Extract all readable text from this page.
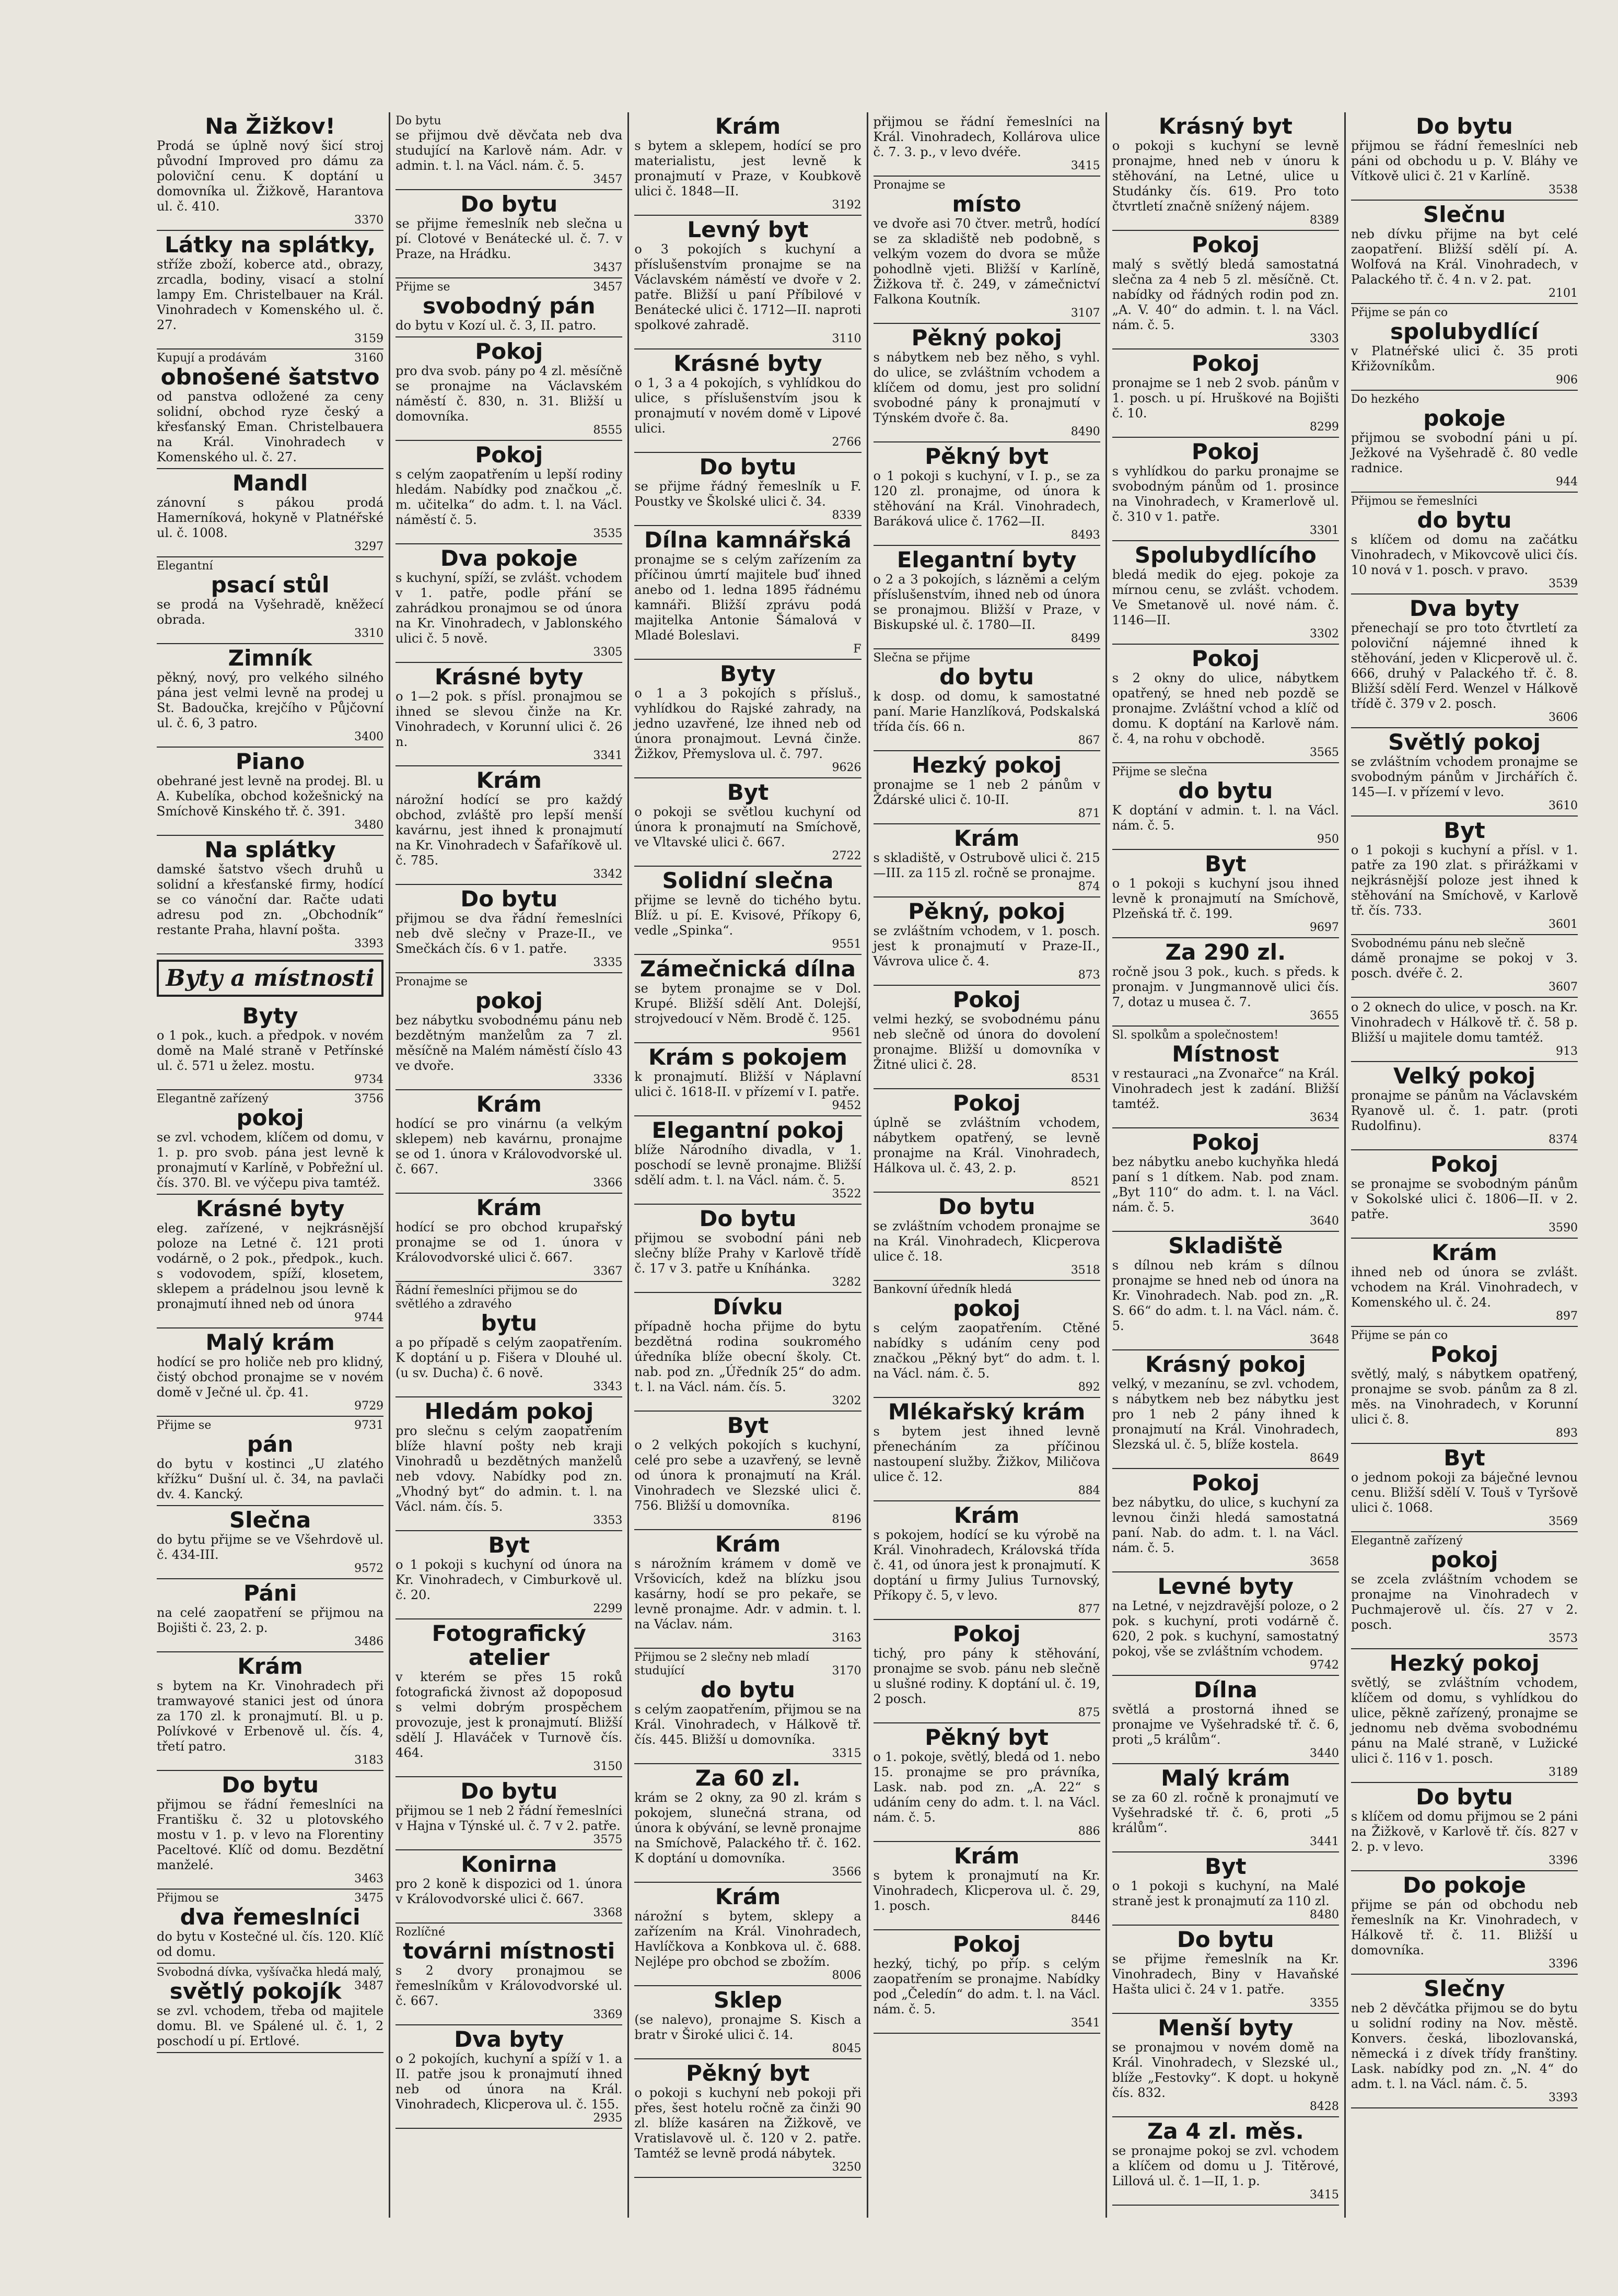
Na Žižkov!
Prodá se úplně nový šicí stroj původní Improved pro dámu za poloviční cenu. K doptání u domovníka ul. Žižkově, Harantova ul. č. 410.
3370
Látky na splátky,
stříže zboží, koberce atd., obrazy, zrcadla, bodiny, visací a stolní lampy Em. Christelbauer na Král. Vinohradech v Komenského ul. č. 27.
3159
Kupují a prodávám	3160
obnošené šatstvo
od panstva odložené za ceny solidní, obchod ryze český a křesťanský Eman. Christelbauera na Král. Vinohradech v Komenského ul. č. 27.
Mandl
zánovní s pákou prodá Hamerníková, hokyně v Platnéřské ul. č. 1008.
3297
Elegantní
psací stůl
se prodá na Vyšehradě, kněžecí obrada.
3310
Zimník
pěkný, nový, pro velkého silného pána jest velmi levně na prodej u St. Badoučka, krejčího v Půjčovní ul. č. 6, 3 patro.
3400
Piano
obehrané jest levně na prodej. Bl. u A. Kubelíka, obchod kožešnický na Smíchově Kinského tř. č. 391.
3480
Na splátky
damské šatstvo všech druhů u solidní a křesťanské firmy, hodící se co vánoční dar. Račte udati adresu pod zn. „Obchodník“ restante Praha, hlavní pošta.
3393
Byty a místnosti
Byty
o 1 pok., kuch. a předpok. v novém domě na Malé straně v Petřínské ul. č. 571 u želez. mostu.
9734
Elegantně zařízený	3756
pokoj
se zvl. vchodem, klíčem od domu, v 1. p. pro svob. pána jest levně k pronajmutí v Karlíně, v Pobřežní ul. čís. 370. Bl. ve výčepu piva tamtéž.
Krásné byty
eleg. zařízené, v nejkrásnější poloze na Letné č. 121 proti vodárně, o 2 pok., předpok., kuch. s vodovodem, spíží, klosetem, sklepem a prádelnou jsou levně k pronajmutí ihned neb od února
9744
Malý krám
hodící se pro holiče neb pro klidný, čistý obchod pronajme se v novém domě v Ječné ul. čp. 41.
9729
Přijme se	9731
pán
do bytu v kostinci „U zlatého křížku“ Dušní ul. č. 34, na pavlači dv. 4. Kancký.
Slečna
do bytu přijme se ve Všehrdově ul. č. 434-III.
9572
Páni
na celé zaopatření se přijmou na Bojišti č. 23, 2. p.
3486
Krám
s bytem na Kr. Vinohradech při tramwayové stanici jest od února za 170 zl. k pronajmutí. Bl. u p. Polívkové v Erbenově ul. čís. 4, třetí patro.
3183
Do bytu
přijmou se řádní řemeslníci na Františku č. 32 u plotovského mostu v 1. p. v levo na Florentiny Paceltové. Klíč od domu. Bezdětní manželé.
3463
Přijmou se	3475
dva řemeslníci
do bytu v Kostečné ul. čís. 120. Klíč od domu.
Svobodná dívka, vyšívačka hledá malý,
3487
světlý pokojík
se zvl. vchodem, třeba od majitele domu. Bl. ve Spálené ul. č. 1, 2 poschodí u pí. Ertlové.
Do bytu
se přijmou dvě děvčata neb dva studující na Karlově nám. Adr. v admin. t. l. na Václ. nám. č. 5.
3457
Do bytu
se přijme řemeslník neb slečna u pí. Clotové v Benátecké ul. č. 7. v Praze, na Hrádku.
3437
Přijme se	3457
svobodný pán
do bytu v Kozí ul. č. 3, II. patro.
Pokoj
pro dva svob. pány po 4 zl. měsíčně se pronajme na Václavském náměstí č. 830, n. 31. Bližší u domovníka.
8555
Pokoj
s celým zaopatřením u lepší rodiny hledám. Nabídky pod značkou „č. m. učitelka“ do adm. t. l. na Václ. náměstí č. 5.
3535
Dva pokoje
s kuchyní, spíží, se zvlášt. vchodem v 1. patře, podle přání se zahrádkou pronajmou se od února na Kr. Vinohradech, v Jablonského ulici č. 5 nově.
3305
Krásné byty
o 1—2 pok. s přísl. pronajmou se ihned se slevou činže na Kr. Vinohradech, v Korunní ulici č. 26 n.
3341
Krám
nárožní hodící se pro každý obchod, zvláště pro lepší menší kavárnu, jest ihned k pronajmutí na Kr. Vinohradech v Šafaříkově ul. č. 785.
3342
Do bytu
přijmou se dva řádní řemeslníci neb dvě slečny v Praze-II., ve Smečkách čís. 6 v 1. patře.
3335
Pronajme se
pokoj
bez nábytku svobodnému pánu neb bezdětným manželům za 7 zl. měsíčně na Malém náměstí číslo 43 ve dvoře.
3336
Krám
hodící se pro vinárnu (a velkým sklepem) neb kavárnu, pronajme se od 1. února v Královodvorské ul. č. 667.
3366
Krám
hodící se pro obchod krupařský pronajme se od 1. února v Královodvorské ulici č. 667.
3367
Řádní řemeslníci přijmou se do světlého a zdravého
bytu
a po případě s celým zaopatřením. K doptání u p. Fišera v Dlouhé ul. (u sv. Ducha) č. 6 nově.
3343
Hledám pokoj
pro slečnu s celým zaopatřením blíže hlavní pošty neb kraji Vinohradů u bezdětných manželů neb vdovy. Nabídky pod zn. „Vhodný byt“ do admin. t. l. na Václ. nám. čís. 5.
3353
Byt
o 1 pokoji s kuchyní od února na Kr. Vinohradech, v Cimburkově ul. č. 20.
2299
Fotografický atelier
v kterém se přes 15 roků fotografická živnost až dopoposud s velmi dobrým prospěchem provozuje, jest k pronajmutí. Bližší sdělí J. Hlaváček v Turnově čís. 464.
3150
Do bytu
přijmou se 1 neb 2 řádní řemeslníci v Hajna v Týnské ul. č. 7 v 2. patře.
3575
Konirna
pro 2 koně k dispozici od 1. února v Královodvorské ulici č. 667.
3368
Rozlíčné
továrni místnosti
s 2 dvory pronajmou se řemeslníkům v Královodvorské ul. č. 667.
3369
Dva byty
o 2 pokojích, kuchyní a spíží v 1. a II. patře jsou k pronajmutí ihned neb od února na Král. Vinohradech, Klicperova ul. č. 155.
2935
Krám
s bytem a sklepem, hodící se pro materialistu, jest levně k pronajmutí v Praze, v Koubkově ulici č. 1848—II.
3192
Levný byt
o 3 pokojích s kuchyní a příslušenstvím pronajme se na Václavském náměstí ve dvoře v 2. patře. Bližší u paní Příbilové v Benátecké ulici č. 1712—II. naproti spolkové zahradě.
3110
Krásné byty
o 1, 3 a 4 pokojích, s vyhlídkou do ulice, s příslušenstvím jsou k pronajmutí v novém domě v Lipové ulici.
2766
Do bytu
se přijme řádný řemeslník u F. Poustky ve Školské ulici č. 34.
8339
Dílna kamnářská
pronajme se s celým zařízením za příčinou úmrtí majitele buď ihned anebo od 1. ledna 1895 řádnému kamnáři. Bližší zprávu podá majitelka Antonie Šámalová v Mladé Boleslavi.
F
Byty
o 1 a 3 pokojích s přísluš., vyhlídkou do Rajské zahrady, na jedno uzavřené, lze ihned neb od února pronajmout. Levná činže. Žižkov, Přemyslova ul. č. 797.
9626
Byt
o pokoji se světlou kuchyní od února k pronajmutí na Smíchově, ve Vltavské ulici č. 667.
2722
Solidní slečna
přijme se levně do tichého bytu. Blíž. u pí. E. Kvisové, Příkopy 6, vedle „Spinka“.
9551
Zámečnická dílna
se bytem pronajme se v Dol. Krupé. Bližší sdělí Ant. Dolejší, strojvedoucí v Něm. Brodě č. 125.
9561
Krám s pokojem
k pronajmutí. Bližší v Náplavní ulici č. 1618-II. v přízemí v I. patře.
9452
Elegantní pokoj
blíže Národního divadla, v 1. poschodí se levně pronajme. Bližší sdělí adm. t. l. na Václ. nám. č. 5.
3522
Do bytu
přijmou se svobodní páni neb slečny blíže Prahy v Karlově třídě č. 17 v 3. patře u Kníhánka.
3282
Dívku
případně hocha přijme do bytu bezdětná rodina soukromého úředníka blíže obecní školy. Ct. nab. pod zn. „Úředník 25“ do adm. t. l. na Václ. nám. čís. 5.
3202
Byt
o 2 velkých pokojích s kuchyní, celé pro sebe a uzavřený, se levně od února k pronajmutí na Král. Vinohradech ve Slezské ulici č. 756. Bližší u domovníka.
8196
Krám
s nárožním krámem v domě ve Vršovicích, kdež na blízku jsou kasárny, hodí se pro pekaře, se levně pronajme. Adr. v admin. t. l. na Václav. nám.
3163
Přijmou se 2 slečny neb mladí studující	3170
do bytu
s celým zaopatřením, přijmou se na Král. Vinohradech, v Hálkově tř. čís. 445. Bližší u domovníka.
3315
Za 60 zl.
krám se 2 okny, za 90 zl. krám s pokojem, slunečná strana, od února k obývání, se levně pronajme na Smíchově, Palackého tř. č. 162. K doptání u domovníka.
3566
Krám
nárožní s bytem, sklepy a zařízením na Král. Vinohradech, Havlíčkova a Konbkova ul. č. 688. Nejlépe pro obchod se zbožím.
8006
Sklep
(se nalevo), pronajme S. Kisch a bratr v Široké ulici č. 14.
8045
Pěkný byt
o pokoji s kuchyní neb pokoji při přes, šest hotelu ročně za činži 90 zl. blíže kasáren na Žižkově, ve Vratislavově ul. č. 120 v 2. patře. Tamtéž se levně prodá nábytek.
3250
přijmou se řádní řemeslníci na Král. Vinohradech, Kollárova ulice č. 7. 3. p., v levo dvéře.
3415
Pronajme se
místo
ve dvoře asi 70 čtver. metrů, hodící se za skladiště neb podobně, s velkým vozem do dvora se může pohodlně vjeti. Bližší v Karlíně, Žižkova tř. č. 249, v zámečnictví Falkona Koutník.
3107
Pěkný pokoj
s nábytkem neb bez něho, s vyhl. do ulice, se zvláštním vchodem a klíčem od domu, jest pro solidní svobodné pány k pronajmutí v Týnském dvoře č. 8a.
8490
Pěkný byt
o 1 pokoji s kuchyní, v I. p., se za 120 zl. pronajme, od února k stěhování na Král. Vinohradech, Baráková ulice č. 1762—II.
8493
Elegantní byty
o 2 a 3 pokojích, s lázněmi a celým příslušenstvím, ihned neb od února se pronajmou. Bližší v Praze, v Biskupské ul. č. 1780—II.
8499
Slečna se přijme
do bytu
k dosp. od domu, k samostatné paní. Marie Hanzlíková, Podskalská třída čís. 66 n.
867
Hezký pokoj
pronajme se 1 neb 2 pánům v Ždárské ulici č. 10-II.
871
Krám
s skladiště, v Ostrubově ulici č. 215—III. za 115 zl. ročně se pronajme.
874
Pěkný, pokoj
se zvláštním vchodem, v 1. posch. jest k pronajmutí v Praze-II., Vávrova ulice č. 4.
873
Pokoj
velmi hezký, se svobodnému pánu neb slečně od února do dovolení pronajme. Bližší u domovníka v Žitné ulici č. 28.
8531
Pokoj
úplně se zvláštním vchodem, nábytkem opatřený, se levně pronajme na Král. Vinohradech, Hálkova ul. č. 43, 2. p.
8521
Do bytu
se zvláštním vchodem pronajme se na Král. Vinohradech, Klicperova ulice č. 18.
3518
Bankovní úředník hledá
pokoj
s celým zaopatřením. Ctěné nabídky s udáním ceny pod značkou „Pěkný byt“ do adm. t. l. na Václ. nám. č. 5.
892
Mlékařský krám
s bytem jest ihned levně přenecháním za příčinou nastoupení služby. Žižkov, Miličova ulice č. 12.
884
Krám
s pokojem, hodící se ku výrobě na Král. Vinohradech, Královská třída č. 41, od února jest k pronajmutí. K doptání u firmy Julius Turnovský, Příkopy č. 5, v levo.
877
Pokoj
tichý, pro pány k stěhování, pronajme se svob. pánu neb slečně u slušné rodiny. K doptání ul. č. 19, 2 posch.
875
Pěkný byt
o 1. pokoje, světlý, bledá od 1. nebo 15. pronajme se pro právníka, Lask. nab. pod zn. „A. 22“ s udáním ceny do adm. t. l. na Václ. nám. č. 5.
886
Krám
s bytem k pronajmutí na Kr. Vinohradech, Klicperova ul. č. 29, 1. posch.
8446
Pokoj
hezký, tichý, po příp. s celým zaopatřením se pronajme. Nabídky pod „Čeledín“ do adm. t. l. na Václ. nám. č. 5.
3541
Krásný byt
o pokoji s kuchyní se levně pronajme, hned neb v únoru k stěhování, na Letné, ulice u Studánky čís. 619. Pro toto čtvrtletí značně snížený nájem.
8389
Pokoj
malý s světlý bledá samostatná slečna za 4 neb 5 zl. měsíčně. Ct. nabídky od řádných rodin pod zn. „A. V. 40“ do admin. t. l. na Václ. nám. č. 5.
3303
Pokoj
pronajme se 1 neb 2 svob. pánům v 1. posch. u pí. Hruškové na Bojišti č. 10.
8299
Pokoj
s vyhlídkou do parku pronajme se svobodným pánům od 1. prosince na Vinohradech, v Kramerlově ul. č. 310 v 1. patře.
3301
Spolubydlícího
bledá medik do ejeg. pokoje za mírnou cenu, se zvlášt. vchodem. Ve Smetanově ul. nové nám. č. 1146—II.
3302
Pokoj
s 2 okny do ulice, nábytkem opatřený, se hned neb pozdě se pronajme. Zvláštní vchod a klíč od domu. K doptání na Karlově nám. č. 4, na rohu v obchodě.
3565
Přijme se slečna
do bytu
K doptání v admin. t. l. na Václ. nám. č. 5.
950
Byt
o 1 pokoji s kuchyní jsou ihned levně k pronajmutí na Smíchově, Plzeňská tř. č. 199.
9697
Za 290 zl.
ročně jsou 3 pok., kuch. s předs. k pronajm. v Jungmannově ulici čís. 7, dotaz u musea č. 7.
3655
Sl. spolkům a společnostem!
Místnost
v restauraci „na Zvonařce“ na Král. Vinohradech jest k zadání. Bližší tamtéž.
3634
Pokoj
bez nábytku anebo kuchyňka hledá paní s 1 dítkem. Nab. pod znam. „Byt 110“ do adm. t. l. na Václ. nám. č. 5.
3640
Skladiště
s dílnou neb krám s dílnou pronajme se hned neb od února na Kr. Vinohradech. Nab. pod zn. „R. S. 66“ do adm. t. l. na Václ. nám. č. 5.
3648
Krásný pokoj
velký, v mezanínu, se zvl. vchodem, s nábytkem neb bez nábytku jest pro 1 neb 2 pány ihned k pronajmutí na Král. Vinohradech, Slezská ul. č. 5, blíže kostela.
8649
Pokoj
bez nábytku, do ulice, s kuchyní za levnou činži hledá samostatná paní. Nab. do adm. t. l. na Václ. nám. č. 5.
3658
Levné byty
na Letné, v nejzdravější poloze, o 2 pok. s kuchyní, proti vodárně č. 620, 2 pok. s kuchyní, samostatný pokoj, vše se zvláštním vchodem.
9742
Dílna
světlá a prostorná ihned se pronajme ve Vyšehradské tř. č. 6, proti „5 králům“.
3440
Malý krám
se za 60 zl. ročně k pronajmutí ve Vyšehradské tř. č. 6, proti „5 králům“.
3441
Byt
o 1 pokoji s kuchyní, na Malé straně jest k pronajmutí za 110 zl.
8480
Do bytu
se přijme řemeslník na Kr. Vinohradech, Biny v Havaňské Hašta ulici č. 24 v 1. patře.
3355
Menší byty
se pronajmou v novém domě na Král. Vinohradech, v Slezské ul., blíže „Festovky“. K dopt. u hokyně čís. 832.
8428
Za 4 zl. měs.
se pronajme pokoj se zvl. vchodem a klíčem od domu u J. Titěrové, Lillová ul. č. 1—II, 1. p.
3415
Do bytu
přijmou se řádní řemeslníci neb páni od obchodu u p. V. Bláhy ve Vítkově ulici č. 21 v Karlíně.
3538
Slečnu
neb dívku přijme na byt celé zaopatření. Bližší sdělí pí. A. Wolfová na Král. Vinohradech, v Palackého tř. č. 4 n. v 2. pat.
2101
Přijme se pán co
spolubydlící
v Platnéřské ulici č. 35 proti Křižovníkům.
906
Do hezkého
pokoje
přijmou se svobodní páni u pí. Ježkové na Vyšehradě č. 80 vedle radnice.
944
Přijmou se řemeslníci
do bytu
s klíčem od domu na začátku Vinohradech, v Mikovcově ulici čís. 10 nová v 1. posch. v pravo.
3539
Dva byty
přenechají se pro toto čtvrtletí za poloviční nájemné ihned k stěhování, jeden v Klicperově ul. č. 666, druhý v Palackého tř. č. 8. Bližší sdělí Ferd. Wenzel v Hálkově třídě č. 379 v 2. posch.
3606
Světlý pokoj
se zvláštním vchodem pronajme se svobodným pánům v Jirchářích č. 145—I. v přízemí v levo.
3610
Byt
o 1 pokoji s kuchyní a přísl. v 1. patře za 190 zlat. s přirážkami v nejkrásnější poloze jest ihned k stěhování na Smíchově, v Karlově tř. čís. 733.
3601
Svobodnému pánu neb slečně
dámě pronajme se pokoj v 3. posch. dvéře č. 2.
3607
o 2 oknech do ulice, v posch. na Kr. Vinohradech v Hálkově tř. č. 58 p. Bližší u majitele domu tamtéž.
913
Velký pokoj
pronajme se pánům na Václavském Ryanově ul. č. 1. patr. (proti Rudolfinu).
8374
Pokoj
se pronajme se svobodným pánům v Sokolské ulici č. 1806—II. v 2. patře.
3590
Krám
ihned neb od února se zvlášt. vchodem na Král. Vinohradech, v Komenského ul. č. 24.
897
Přijme se pán co
Pokoj
světlý, malý, s nábytkem opatřený, pronajme se svob. pánům za 8 zl. měs. na Vinohradech, v Korunní ulici č. 8.
893
Byt
o jednom pokoji za báječné levnou cenu. Bližší sdělí V. Touš v Tyršově ulici č. 1068.
3569
Elegantně zařízený
pokoj
se zcela zvláštním vchodem se pronajme na Vinohradech v Puchmajerově ul. čís. 27 v 2. posch.
3573
Hezký pokoj
světlý, se zvláštním vchodem, klíčem od domu, s vyhlídkou do ulice, pěkně zařízený, pronajme se jednomu neb dvěma svobodnému pánu na Malé straně, v Lužické ulici č. 116 v 1. posch.
3189
Do bytu
s klíčem od domu přijmou se 2 páni na Žižkově, v Karlově tř. čís. 827 v 2. p. v levo.
3396
Do pokoje
přijme se pán od obchodu neb řemeslník na Kr. Vinohradech, v Hálkově tř. č. 11. Bližší u domovníka.
3396
Slečny
neb 2 děvčátka přijmou se do bytu u solidní rodiny na Nov. městě. Konvers. česká, libozlovanská, německá i z dívek třídy franštiny. Lask. nabídky pod zn. „N. 4“ do adm. t. l. na Václ. nám. č. 5.
3393
